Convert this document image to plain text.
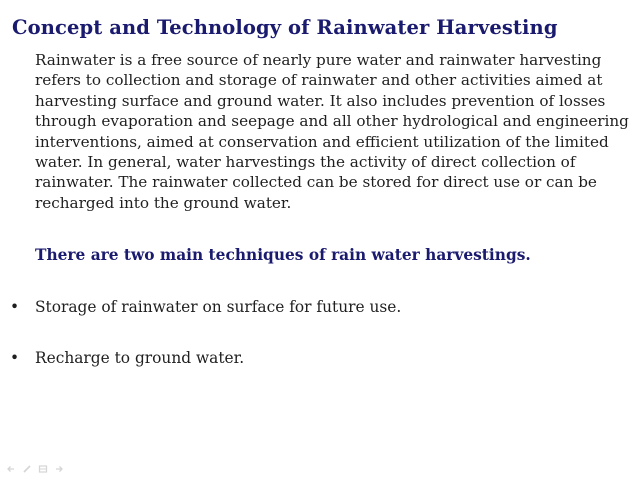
Concept and Technology of Rainwater Harvesting
Rainwater is a free source of nearly pure water and rainwater harvesting refers to collection and storage of rainwater and other activities aimed at harvesting surface and ground water. It also includes prevention of losses through evaporation and seepage and all other hydrological and engineering interventions, aimed at conservation and efficient utilization of the limited water. In general, water harvestings the activity of direct collection of rainwater. The rainwater collected can be stored for direct use or can be recharged into the ground water.
There are two main techniques of rain water harvestings.
• Storage of rainwater on surface for future use.
• Recharge to ground water.
